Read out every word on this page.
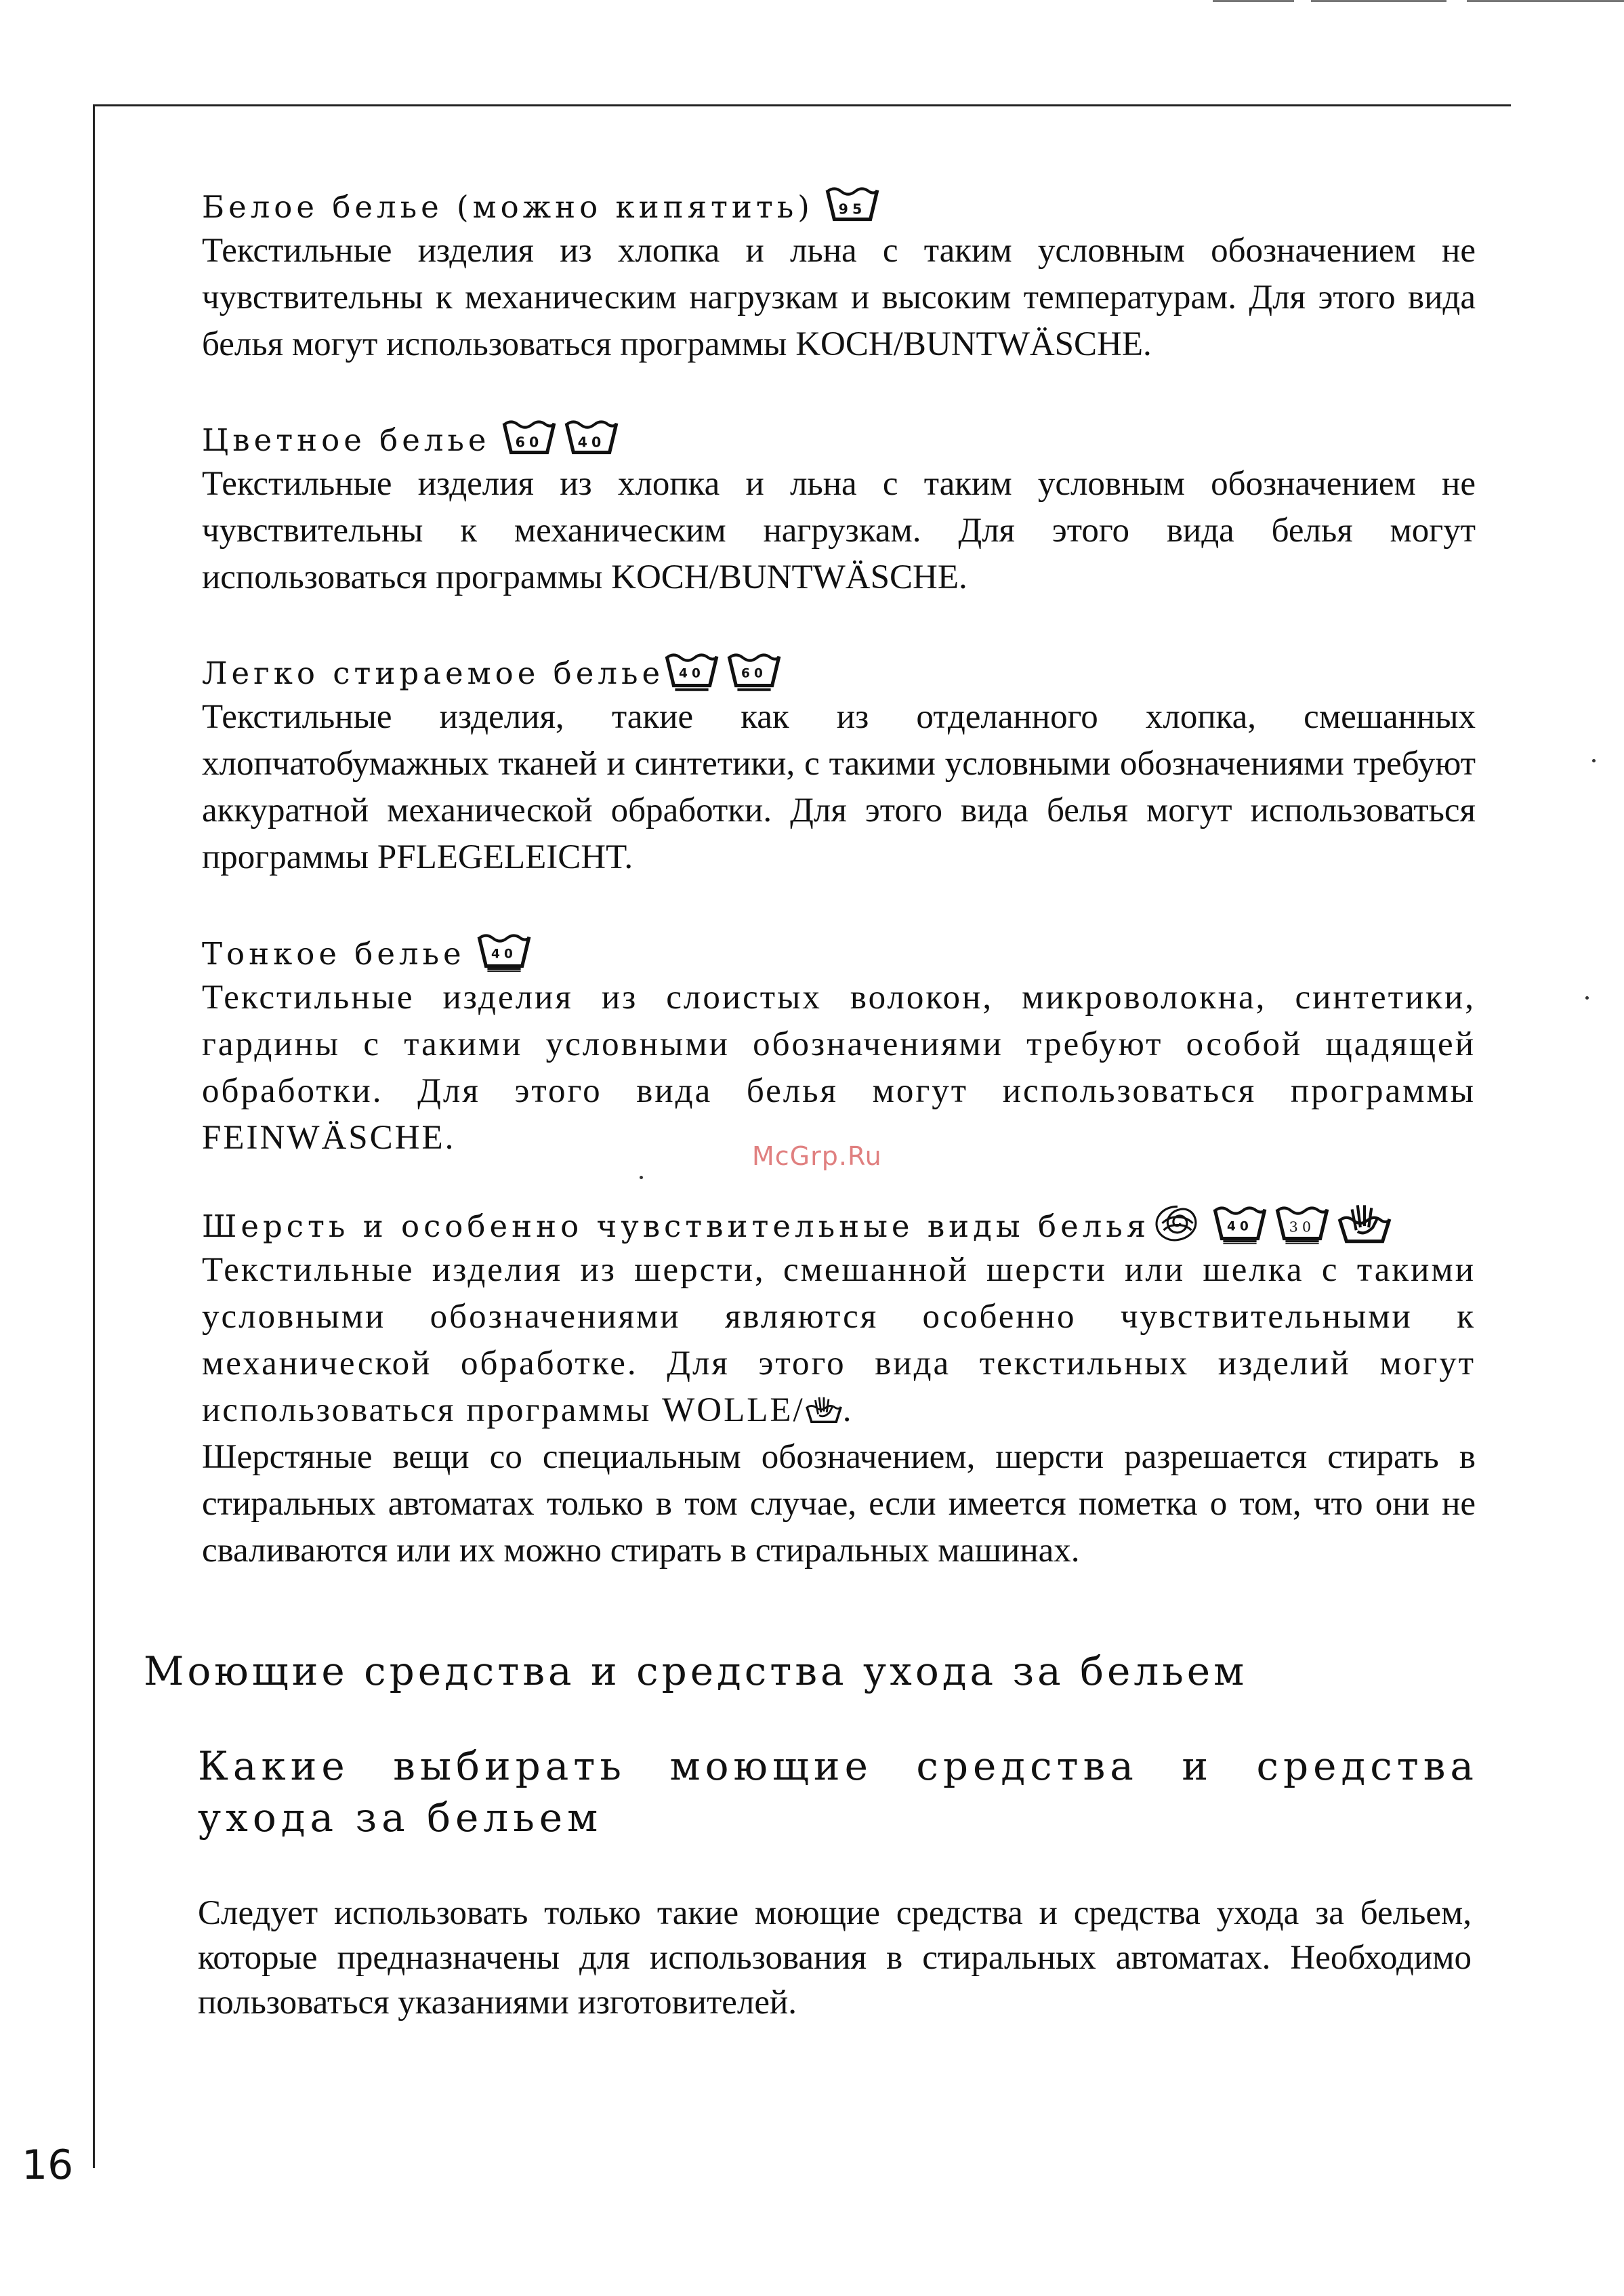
Белое белье (можно кипятить) 95
Текстильные изделия из хлопка и льна с таким условным обозначением не чувствительны к механическим нагрузкам и высоким температурам. Для этого вида белья могут использоваться программы KOCH/BUNTWÄSCHE.
Цветное белье 60	40
Текстильные изделия из хлопка и льна с таким условным обозначением не чувствительны к механическим нагрузкам. Для этого вида белья могут использоваться программы KOCH/BUNTWÄSCHE.
Легко стираемое белье 40	60
Текстильные изделия, такие как из отделанного хлопка, смешанных хлопчатобумажных тканей и синтетики, с такими условными обозначениями требуют аккуратной механической обработки. Для этого вида белья могут использоваться программы PFLEGELEICHT.
Тонкое белье 40
Текстильные изделия из слоистых волокон, микроволокна, синтетики, гардины с такими условными обозначениями требуют особой щадящей обработки. Для этого вида белья могут использоваться программы FEINWÄSCHE.
Шерсть и особенно чувствительные виды белья	40	30
Текстильные изделия из шерсти, смешанной шерсти или шелка с такими условными обозначениями являются особенно чувствительными к механической обработке. Для этого вида текстильных изделий могут использоваться программы WOLLE/ .
Шерстяные вещи со специальным обозначением, шерсти разрешается стирать в стиральных автоматах только в том случае, если имеется пометка о том, что они не сваливаются или их можно стирать в стиральных машинах.
Моющие средства и средства ухода за бельем
Какие выбирать моющие средства и средства ухода за бельем
Следует использовать только такие моющие средства и средства ухода за бельем, которые предназначены для использования в стиральных автоматах. Необходимо пользоваться указаниями изготовителей.
McGrp.Ru
16
